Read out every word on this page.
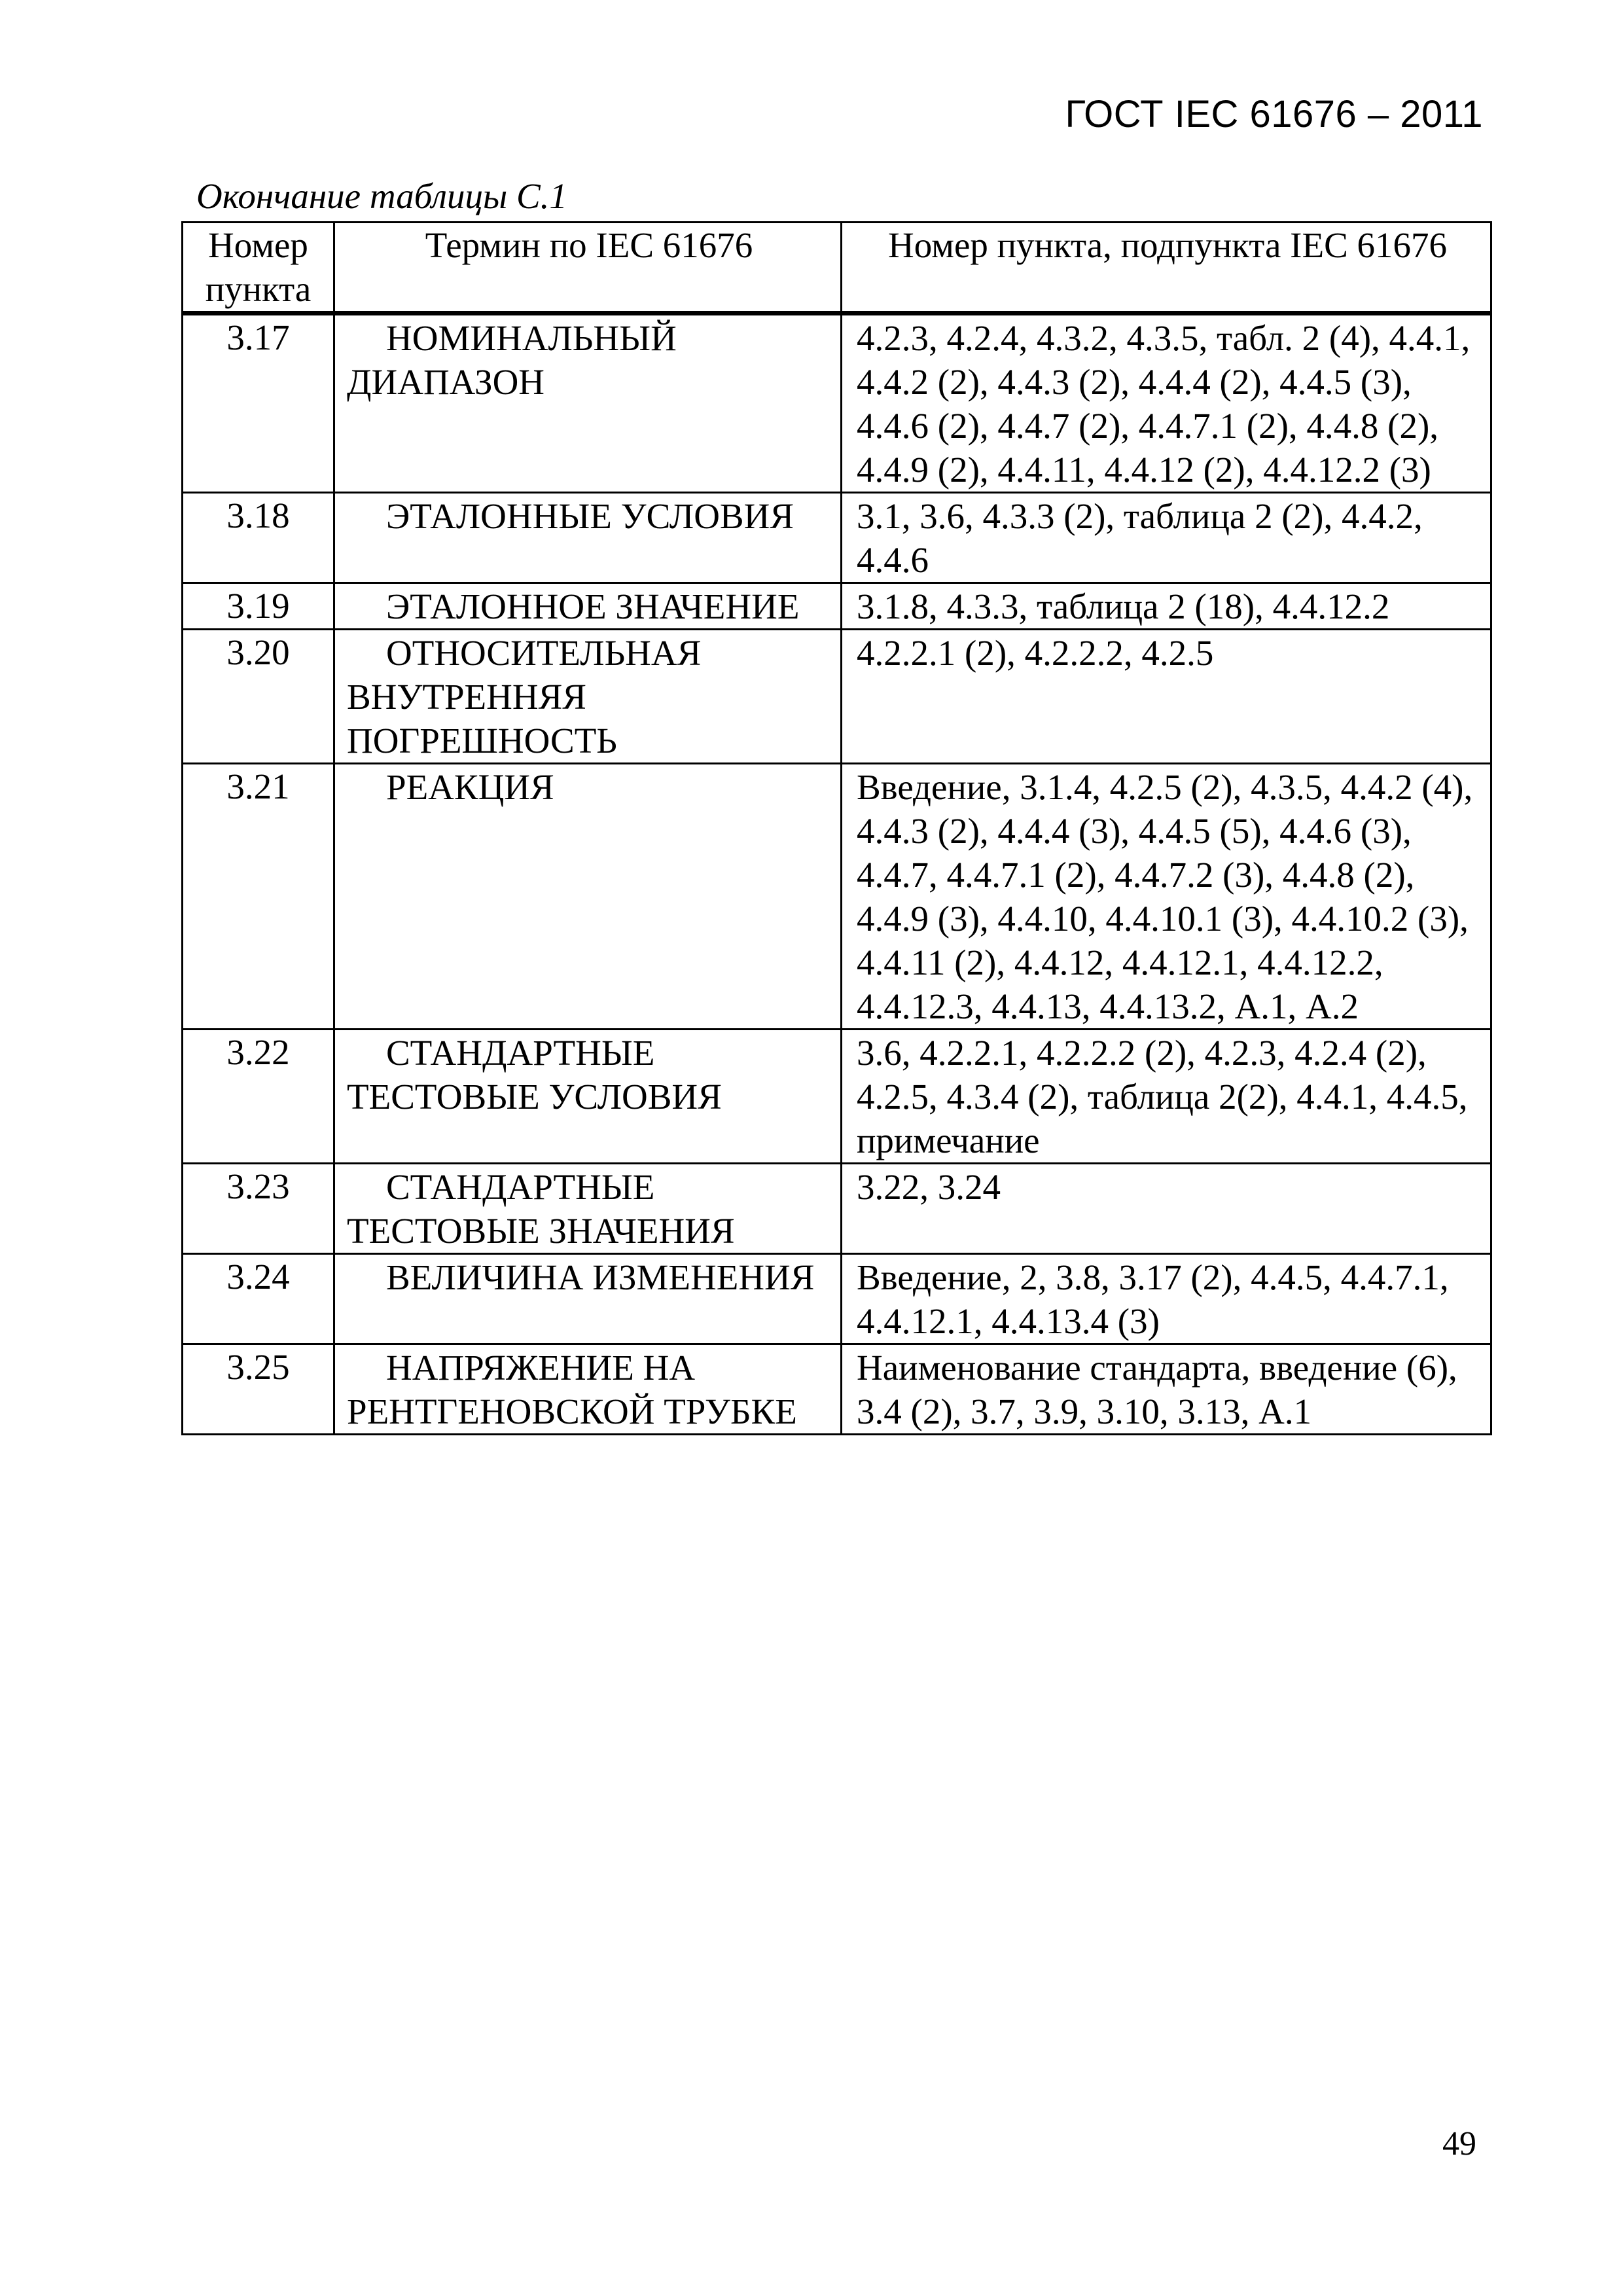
ГОСТ IEC 61676 – 2011
Окончание таблицы С.1
Номер пункта	Термин по IEC 61676	Номер пункта, подпункта IEC 61676
3.17	НОМИНАЛЬНЫЙ ДИАПАЗОН	4.2.3, 4.2.4, 4.3.2, 4.3.5, табл. 2 (4), 4.4.1, 4.4.2 (2), 4.4.3 (2), 4.4.4 (2), 4.4.5 (3), 4.4.6 (2), 4.4.7 (2), 4.4.7.1 (2), 4.4.8 (2), 4.4.9 (2), 4.4.11, 4.4.12 (2), 4.4.12.2 (3)
3.18	ЭТАЛОННЫЕ УСЛОВИЯ	3.1, 3.6, 4.3.3 (2), таблица 2 (2), 4.4.2, 4.4.6
3.19	ЭТАЛОННОЕ ЗНАЧЕНИЕ	3.1.8, 4.3.3, таблица 2 (18), 4.4.12.2
3.20	ОТНОСИТЕЛЬНАЯ ВНУТРЕННЯЯ ПОГРЕШНОСТЬ	4.2.2.1 (2), 4.2.2.2, 4.2.5
3.21	РЕАКЦИЯ	Введение, 3.1.4, 4.2.5 (2), 4.3.5, 4.4.2 (4), 4.4.3 (2), 4.4.4 (3), 4.4.5 (5), 4.4.6 (3), 4.4.7, 4.4.7.1 (2), 4.4.7.2 (3), 4.4.8 (2), 4.4.9 (3), 4.4.10, 4.4.10.1 (3), 4.4.10.2 (3), 4.4.11 (2), 4.4.12, 4.4.12.1, 4.4.12.2, 4.4.12.3, 4.4.13, 4.4.13.2, А.1, А.2
3.22	СТАНДАРТНЫЕ ТЕСТОВЫЕ УСЛОВИЯ	3.6, 4.2.2.1, 4.2.2.2 (2), 4.2.3, 4.2.4 (2), 4.2.5, 4.3.4 (2), таблица 2(2), 4.4.1, 4.4.5, примечание
3.23	СТАНДАРТНЫЕ ТЕСТОВЫЕ ЗНАЧЕНИЯ	3.22, 3.24
3.24	ВЕЛИЧИНА ИЗМЕНЕНИЯ	Введение, 2, 3.8, 3.17 (2), 4.4.5, 4.4.7.1, 4.4.12.1, 4.4.13.4 (3)
3.25	НАПРЯЖЕНИЕ НА РЕНТГЕНОВСКОЙ ТРУБКЕ	Наименование стандарта, введение (6), 3.4 (2), 3.7, 3.9, 3.10, 3.13, А.1
49
